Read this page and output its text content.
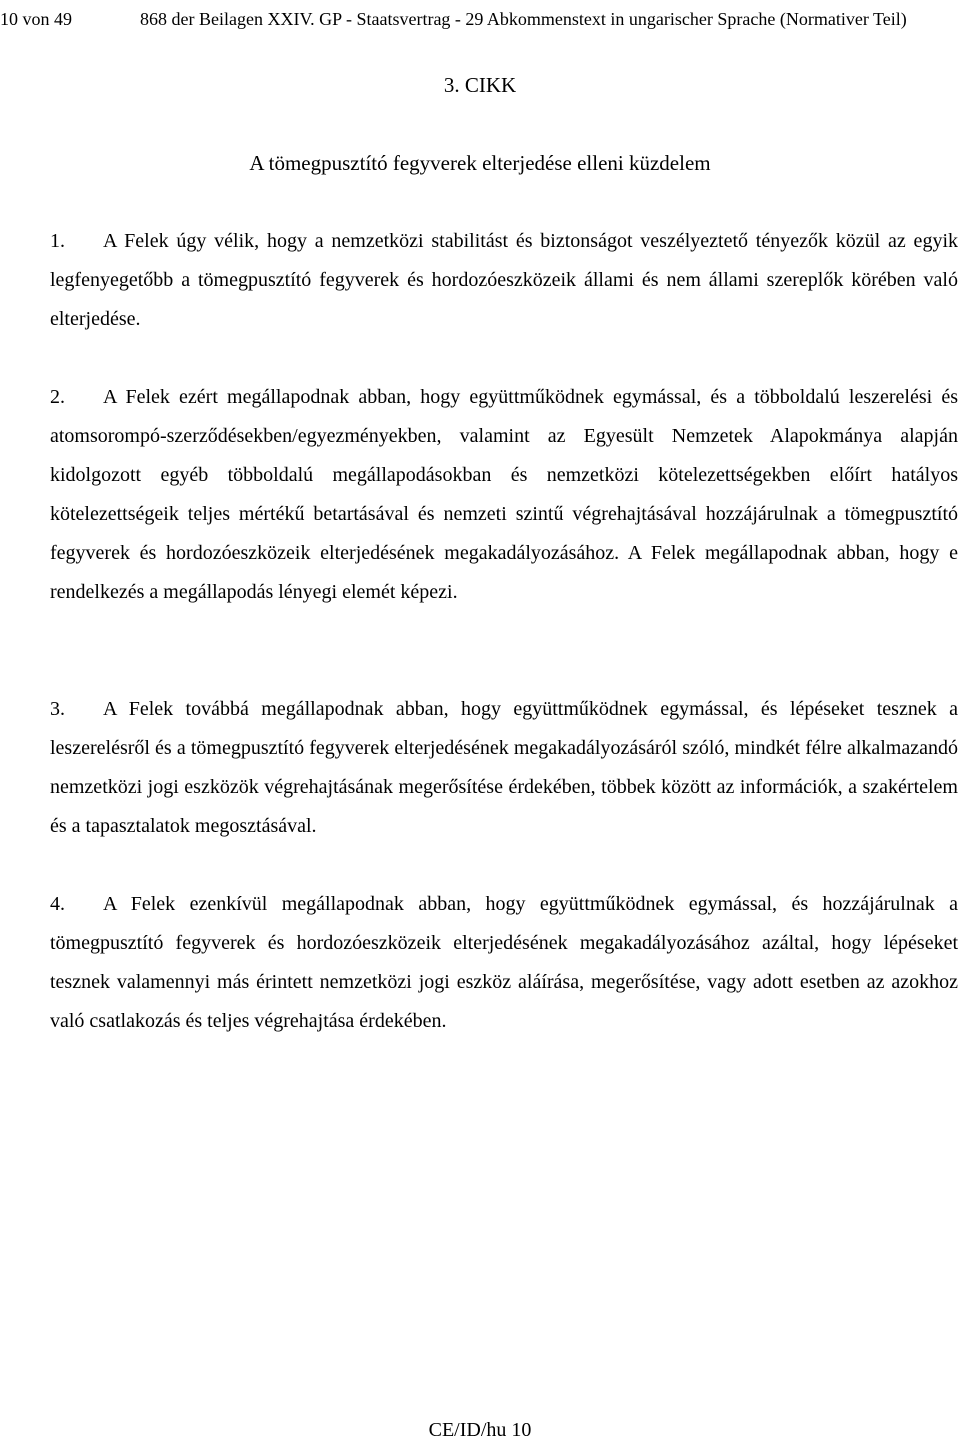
10 von 49	868 der Beilagen XXIV. GP - Staatsvertrag - 29 Abkommenstext in ungarischer Sprache (Normativer Teil)
3. CIKK
A tömegpusztító fegyverek elterjedése elleni küzdelem

1. A Felek úgy vélik, hogy a nemzetközi stabilitást és biztonságot veszélyeztető tényezők közül az egyik legfenyegetőbb a tömegpusztító fegyverek és hordozóeszközeik állami és nem állami szereplők körében való elterjedése.

2. A Felek ezért megállapodnak abban, hogy együttműködnek egymással, és a többoldalú leszerelési és atomsorompó-szerződésekben/egyezményekben, valamint az Egyesült Nemzetek Alapokmánya alapján kidolgozott egyéb többoldalú megállapodásokban és nemzetközi kötelezettségekben előírt hatályos kötelezettségeik teljes mértékű betartásával és nemzeti szintű végrehajtásával hozzájárulnak a tömegpusztító fegyverek és hordozóeszközeik elterjedésének megakadályozásához. A Felek megállapodnak abban, hogy e rendelkezés a megállapodás lényegi elemét képezi.

3. A Felek továbbá megállapodnak abban, hogy együttműködnek egymással, és lépéseket tesznek a leszerelésről és a tömegpusztító fegyverek elterjedésének megakadályozásáról szóló, mindkét félre alkalmazandó nemzetközi jogi eszközök végrehajtásának megerősítése érdekében, többek között az információk, a szakértelem és a tapasztalatok megosztásával.

4. A Felek ezenkívül megállapodnak abban, hogy együttműködnek egymással, és hozzájárulnak a tömegpusztító fegyverek és hordozóeszközeik elterjedésének megakadályozásához azáltal, hogy lépéseket tesznek valamennyi más érintett nemzetközi jogi eszköz aláírása, megerősítése, vagy adott esetben az azokhoz való csatlakozás és teljes végrehajtása érdekében.

CE/ID/hu 10
